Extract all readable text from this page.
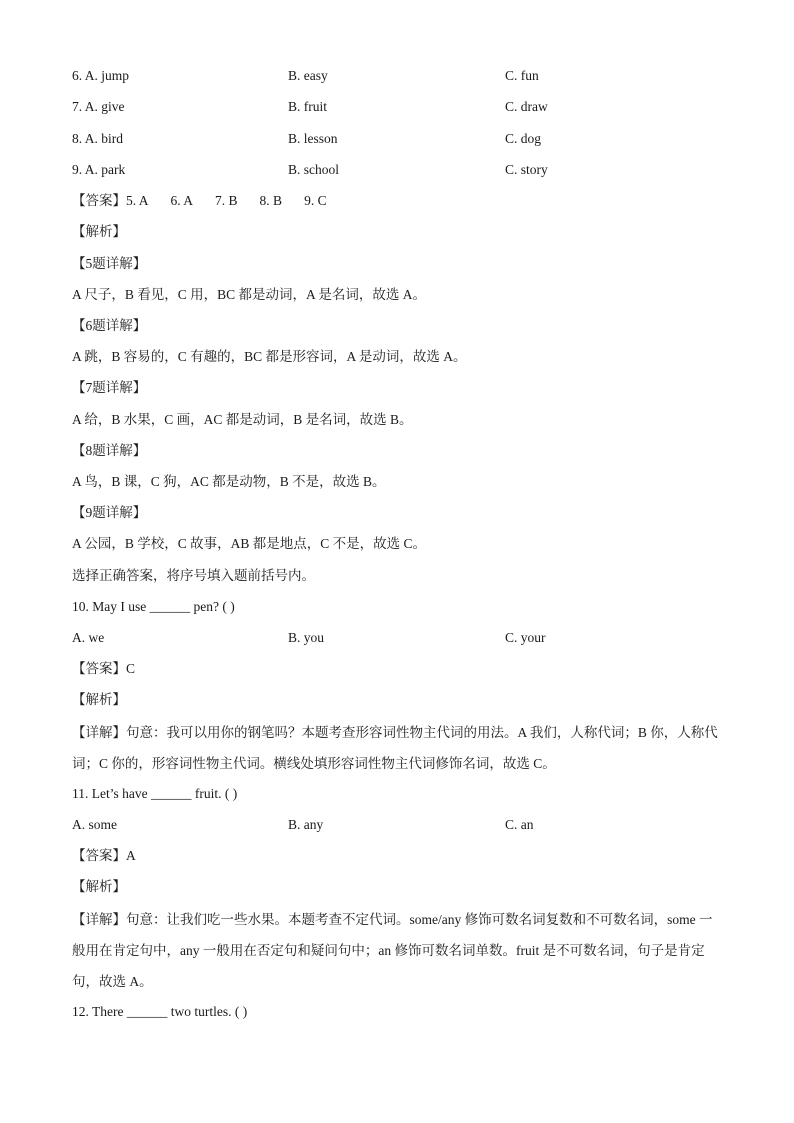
6. A. jump	B. easy	C. fun
7. A. give	B. fruit	C. draw
8. A. bird	B. lesson	C. dog
9. A. park	B. school	C. story
【答案】5. A 6. A 7. B 8. B 9. C
【解析】
【5题详解】
A 尺子，B 看见，C 用，BC 都是动词，A 是名词，故选 A。
【6题详解】
A 跳，B 容易的，C 有趣的，BC 都是形容词，A 是动词，故选 A。
【7题详解】
A 给，B 水果，C 画，AC 都是动词，B 是名词，故选 B。
【8题详解】
A 鸟，B 课，C 狗，AC 都是动物，B 不是，故选 B。
【9题详解】
A 公园，B 学校，C 故事，AB 都是地点，C 不是，故选 C。
选择正确答案，将序号填入题前括号内。
10. May I use ______ pen? ( )
A. we	B. you	C. your
【答案】C
【解析】
【详解】句意：我可以用你的钢笔吗？本题考查形容词性物主代词的用法。A 我们，人称代词；B 你，人称代词；C 你的，形容词性物主代词。横线处填形容词性物主代词修饰名词，故选 C。
11. Let’s have ______ fruit. ( )
A. some	B. any	C. an
【答案】A
【解析】
【详解】句意：让我们吃一些水果。本题考查不定代词。some/any 修饰可数名词复数和不可数名词，some 一般用在肯定句中，any 一般用在否定句和疑问句中；an 修饰可数名词单数。fruit 是不可数名词，句子是肯定句，故选 A。
12. There ______ two turtles. ( )
